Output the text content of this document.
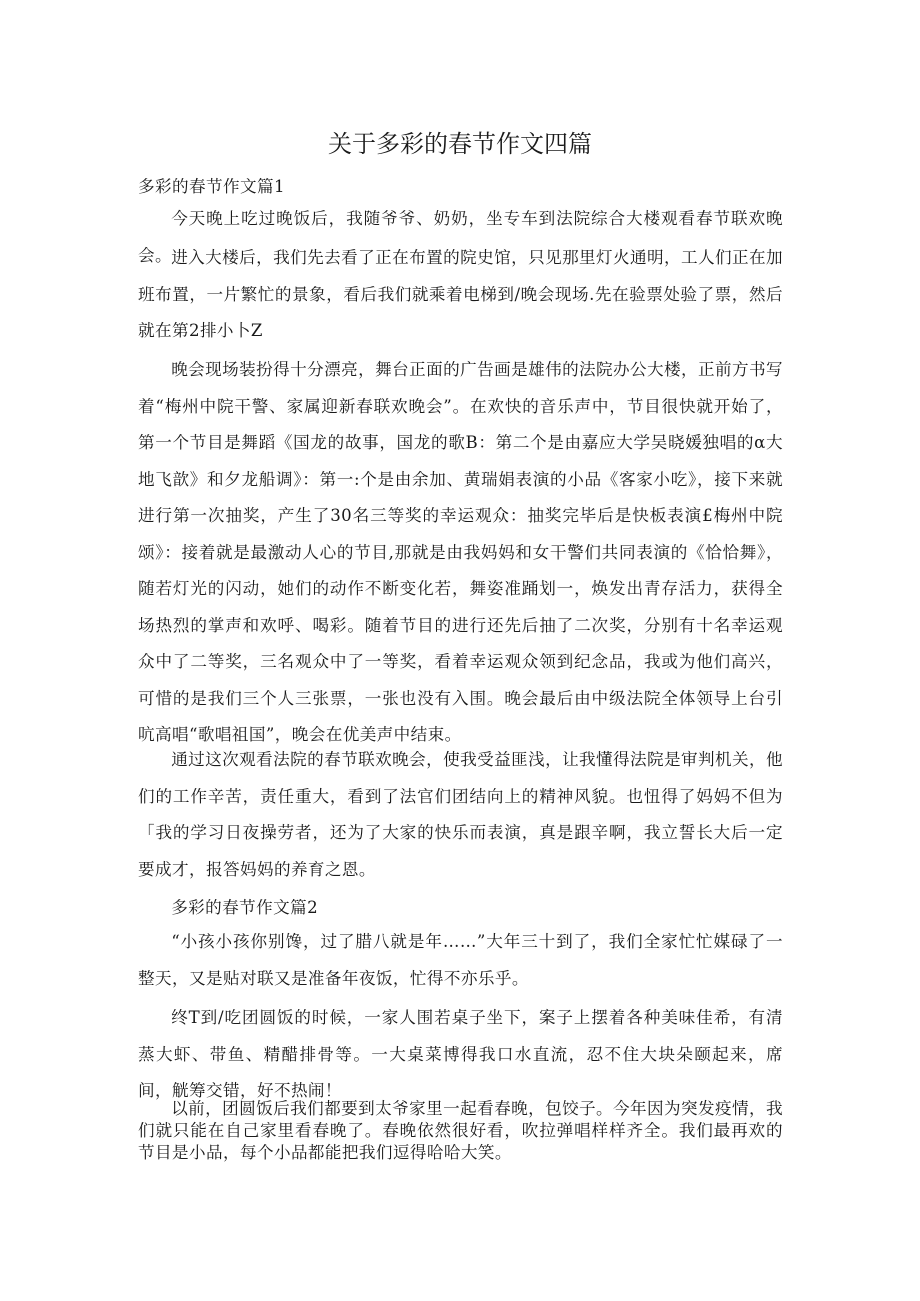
关于多彩的春节作文四篇

多彩的春节作文篇1

今天晚上吃过晚饭后，我随爷爷、奶奶，坐专车到法院综合大楼观看春节联欢晚会。 进入大楼后，我们先去看了正在布置的院史馆，只见那里灯火通明，工人们正在加班布置，一片繁忙的景象，看后我们就乘着电梯到/晚会现场.先在验票处验了票，然后就在第2排小卜Z

晚会现场装扮得十分漂亮，舞台正面的广告画是雄伟的法院办公大楼，正前方书写着“梅州中院干警、家属迎新春联欢晚会”。在欢快的音乐声中，节目很快就开始了，第一个节目是舞蹈《国龙的故事，国龙的歌B：第二个是由嘉应大学吴晓媛独唱的α大地飞歆》和夕龙船调》：第一:个是由余加、黄瑞娟表演的小品《客家小吃》，接下来就进行第一次抽奖，产生了30名三等奖的幸运观众：抽奖完毕后是快板表演£梅州中院颂》：接着就是最激动人心的节目,那就是由我妈妈和女干警们共同表演的《恰恰舞》，随若灯光的闪动，她们的动作不断变化若，舞姿准踊划一，焕发出青存活力，获得全场热烈的掌声和欢呼、喝彩。随着节目的进行还先后抽了二次奖，分别有十名幸运观众中了二等奖，三名观众中了一等奖，看着幸运观众领到纪念品，我或为他们高兴，可惜的是我们三个人三张票，一张也没有入围。晚会最后由中级法院全体领导上台引吭高唱“歌唱祖国”，晚会在优美声中结束。

通过这次观看法院的春节联欢晚会，使我受益匪浅，让我懂得法院是审判机关，他们的工作辛苦，责任重大，看到了法官们团结向上的精神风貌。也忸得了妈妈不但为「我的学习日夜操劳者，还为了大家的快乐而表演，真是跟辛啊，我立誓长大后一定要成才，报答妈妈的养育之恩。

多彩的春节作文篇2

“小孩小孩你别馋，过了腊八就是年……”大年三十到了，我们全家忙忙媒碌了一整天，又是贴对联又是准备年夜饭，忙得不亦乐乎。

终T到/吃团圆饭的时候，一家人围若桌子坐下，案子上摆着各种美味佳希，有清蒸大虾、带鱼、精醋排骨等。一大桌菜博得我口水直流，忍不住大块朵颐起来，席间，觥筹交错，好不热闹！

以前，团圆饭后我们都要到太爷家里一起看春晚，包饺子。今年因为突发疫情，我们就只能在自己家里看春晚了。春晚依然很好看，吹拉弹唱样样齐全。我们最再欢的节目是小品，每个小品都能把我们逗得哈哈大笑。
